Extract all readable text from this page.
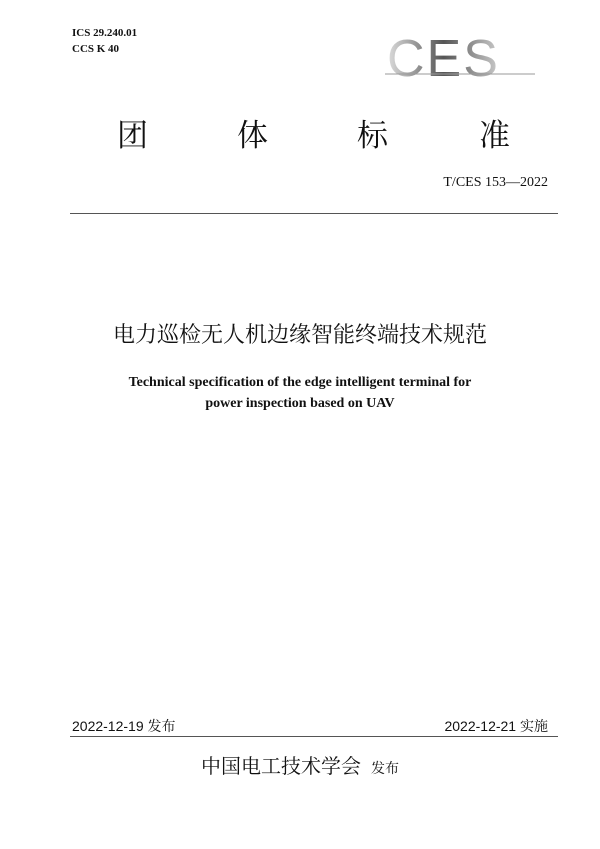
ICS 29.240.01
CCS K 40	CES
团	体	标	准
T/CES 153—2022
电力巡检无人机边缘智能终端技术规范
Technical specification of the edge intelligent terminal for
power inspection based on UAV
2022-12-19 发布	2022-12-21 实施
中国电工技术学会 发布
